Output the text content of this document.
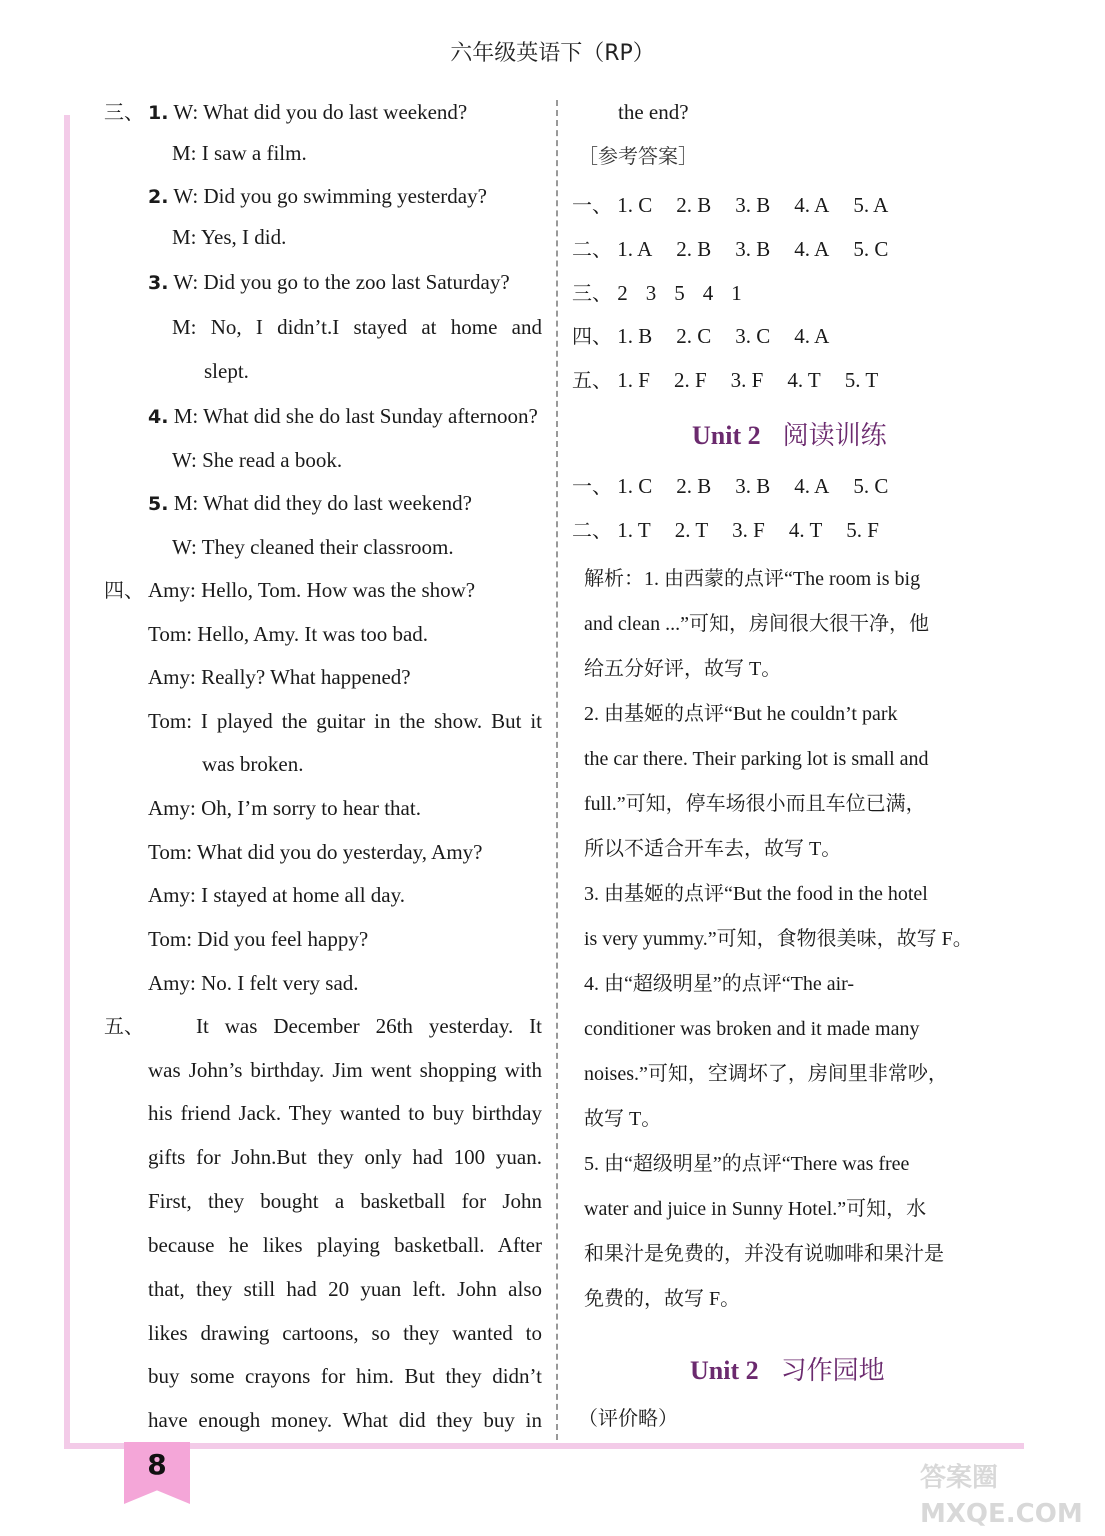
六年级英语下（RP）
8
三、 1. W: What did you do last weekend?
M: I saw a film.
2. W: Did you go swimming yesterday?
M: Yes, I did.
3. W: Did you go to the zoo last Saturday?
M: No, I didn’t.I stayed at home and
slept.
4. M: What did she do last Sunday afternoon?
W: She read a book.
5. M: What did they do last weekend?
W: They cleaned their classroom.
四、 Amy: Hello, Tom. How was the show?
Tom: Hello, Amy. It was too bad.
Amy: Really? What happened?
Tom: I played the guitar in the show. But it
was broken.
Amy: Oh, I’m sorry to hear that.
Tom: What did you do yesterday, Amy?
Amy: I stayed at home all day.
Tom: Did you feel happy?
Amy: No. I felt very sad.
五、 It was December 26th yesterday. It
was John’s birthday. Jim went shopping with
his friend Jack. They wanted to buy birthday
gifts for John.But they only had 100 yuan.
First, they bought a basketball for John
because he likes playing basketball. After
that, they still had 20 yuan left. John also
likes drawing cartoons, so they wanted to
buy some crayons for him. But they didn’t
have enough money. What did they buy in
the end?
［参考答案］
一、 1. C 2. B 3. B 4. A 5. A
二、 1. A 2. B 3. B 4. A 5. C
三、 2 3 5 4 1
四、 1. B 2. C 3. C 4. A
五、 1. F 2. F 3. F 4. T 5. T
Unit 2 阅读训练
一、 1. C 2. B 3. B 4. A 5. C
二、 1. T 2. T 3. F 4. T 5. F
解析：1. 由西蒙的点评“The room is big
and clean ...”可知，房间很大很干净，他
给五分好评，故写 T。
2. 由基姬的点评“But he couldn’t park
the car there. Their parking lot is small and
full.”可知，停车场很小而且车位已满，
所以不适合开车去，故写 T。
3. 由基姬的点评“But the food in the hotel
is very yummy.”可知，食物很美味，故写 F。
4. 由“超级明星”的点评“The air-
conditioner was broken and it made many
noises.”可知，空调坏了，房间里非常吵，
故写 T。
5. 由“超级明星”的点评“There was free
water and juice in Sunny Hotel.”可知，水
和果汁是免费的，并没有说咖啡和果汁是
免费的，故写 F。
Unit 2 习作园地
（评价略）
答案圈 MXQE.COM
